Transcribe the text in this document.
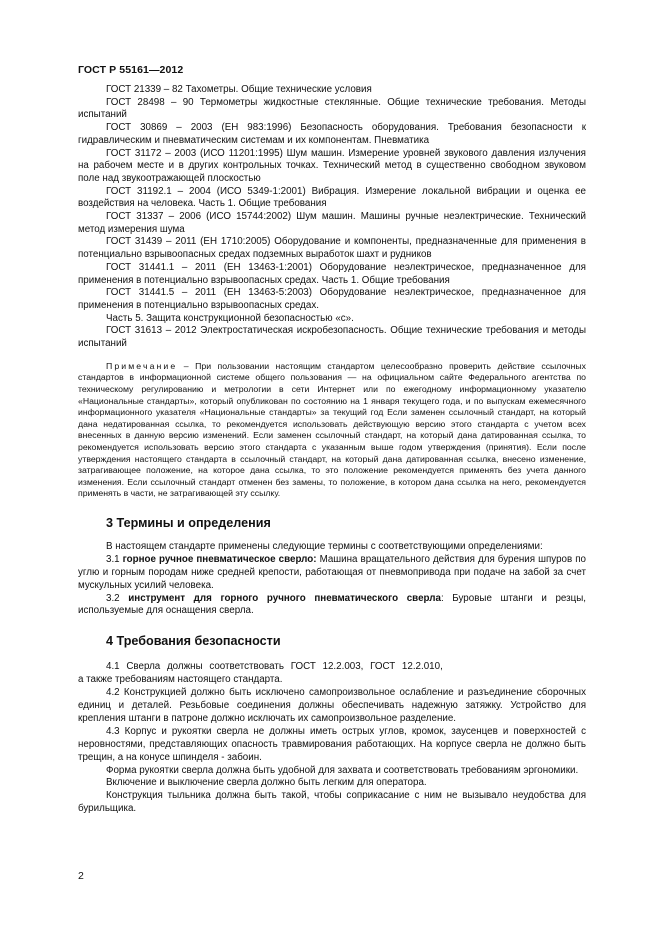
ГОСТ Р 55161—2012

ГОСТ 21339 – 82 Тахометры. Общие технические условия

ГОСТ 28498 – 90 Термометры жидкостные стеклянные. Общие технические требования. Методы испытаний

ГОСТ 30869 – 2003 (ЕН 983:1996) Безопасность оборудования. Требования безопасности к гидравлическим и пневматическим системам и их компонентам. Пневматика

ГОСТ 31172 – 2003 (ИСО 11201:1995) Шум машин. Измерение уровней звукового давления излучения на рабочем месте и в других контрольных точках. Технический метод в существенно свободном звуковом поле над звукоотражающей плоскостью

ГОСТ 31192.1 – 2004 (ИСО 5349-1:2001) Вибрация. Измерение локальной вибрации и оценка ее воздействия на человека. Часть 1. Общие требования

ГОСТ 31337 – 2006 (ИСО 15744:2002) Шум машин. Машины ручные неэлектрические. Технический метод измерения шума

ГОСТ 31439 – 2011 (ЕН 1710:2005) Оборудование и компоненты, предназначенные для применения в потенциально взрывоопасных средах подземных выработок шахт и рудников

ГОСТ 31441.1 – 2011 (ЕН 13463-1:2001) Оборудование неэлектрическое, предназначенное для применения в потенциально взрывоопасных средах. Часть 1. Общие требования

ГОСТ 31441.5 – 2011 (ЕН 13463-5:2003) Оборудование неэлектрическое, предназначенное для применения в потенциально взрывоопасных средах.

Часть 5. Защита конструкционной безопасностью «с».

ГОСТ 31613 – 2012 Электростатическая искробезопасность. Общие технические требования и методы испытаний

Примечание – При пользовании настоящим стандартом целесообразно проверить действие ссылочных стандартов в информационной системе общего пользования — на официальном сайте Федерального агентства по техническому регулированию и метрологии в сети Интернет или по ежегодному информационному указателю «Национальные стандарты», который опубликован по состоянию на 1 января текущего года, и по выпускам ежемесячного информационного указателя «Национальные стандарты» за текущий год Если заменен ссылочный стандарт, на который дана недатированная ссылка, то рекомендуется использовать действующую версию этого стандарта с учетом всех внесенных в данную версию изменений. Если заменен ссылочный стандарт, на который дана датированная ссылка, то рекомендуется использовать версию этого стандарта с указанным выше годом утверждения (принятия). Если после утверждения настоящего стандарта в ссылочный стандарт, на который дана датированная ссылка, внесено изменение, затрагивающее положение, на которое дана ссылка, то это положение рекомендуется применять без учета данного изменения. Если ссылочный стандарт отменен без замены, то положение, в котором дана ссылка на него, рекомендуется применять в части, не затрагивающей эту ссылку.

3 Термины и определения

В настоящем стандарте применены следующие термины с соответствующими определениями:

3.1 горное ручное пневматическое сверло: Машина вращательного действия для бурения шпуров по углю и горным породам ниже средней крепости, работающая от пневмопривода при подаче на забой за счет мускульных усилий человека.

3.2 инструмент для горного ручного пневматического сверла: Буровые штанги и резцы, используемые для оснащения сверла.

4 Требования безопасности

4.1 Сверла должны соответствовать ГОСТ 12.2.003, ГОСТ 12.2.010,

а также требованиям настоящего стандарта.

4.2 Конструкцией должно быть исключено самопроизвольное ослабление и разъединение сборочных единиц и деталей. Резьбовые соединения должны обеспечивать надежную затяжку. Устройство для крепления штанги в патроне должно исключать их самопроизвольное разделение.

4.3 Корпус и рукоятки сверла не должны иметь острых углов, кромок, заусенцев и поверхностей с неровностями, представляющих опасность травмирования работающих. На корпусе сверла не должно быть трещин, а на конусе шпинделя - забоин.

Форма рукоятки сверла должна быть удобной для захвата и соответствовать требованиям эргономики.

Включение и выключение сверла должно быть легким для оператора.

Конструкция тыльника должна быть такой, чтобы соприкасание с ним не вызывало неудобства для бурильщика.

2
